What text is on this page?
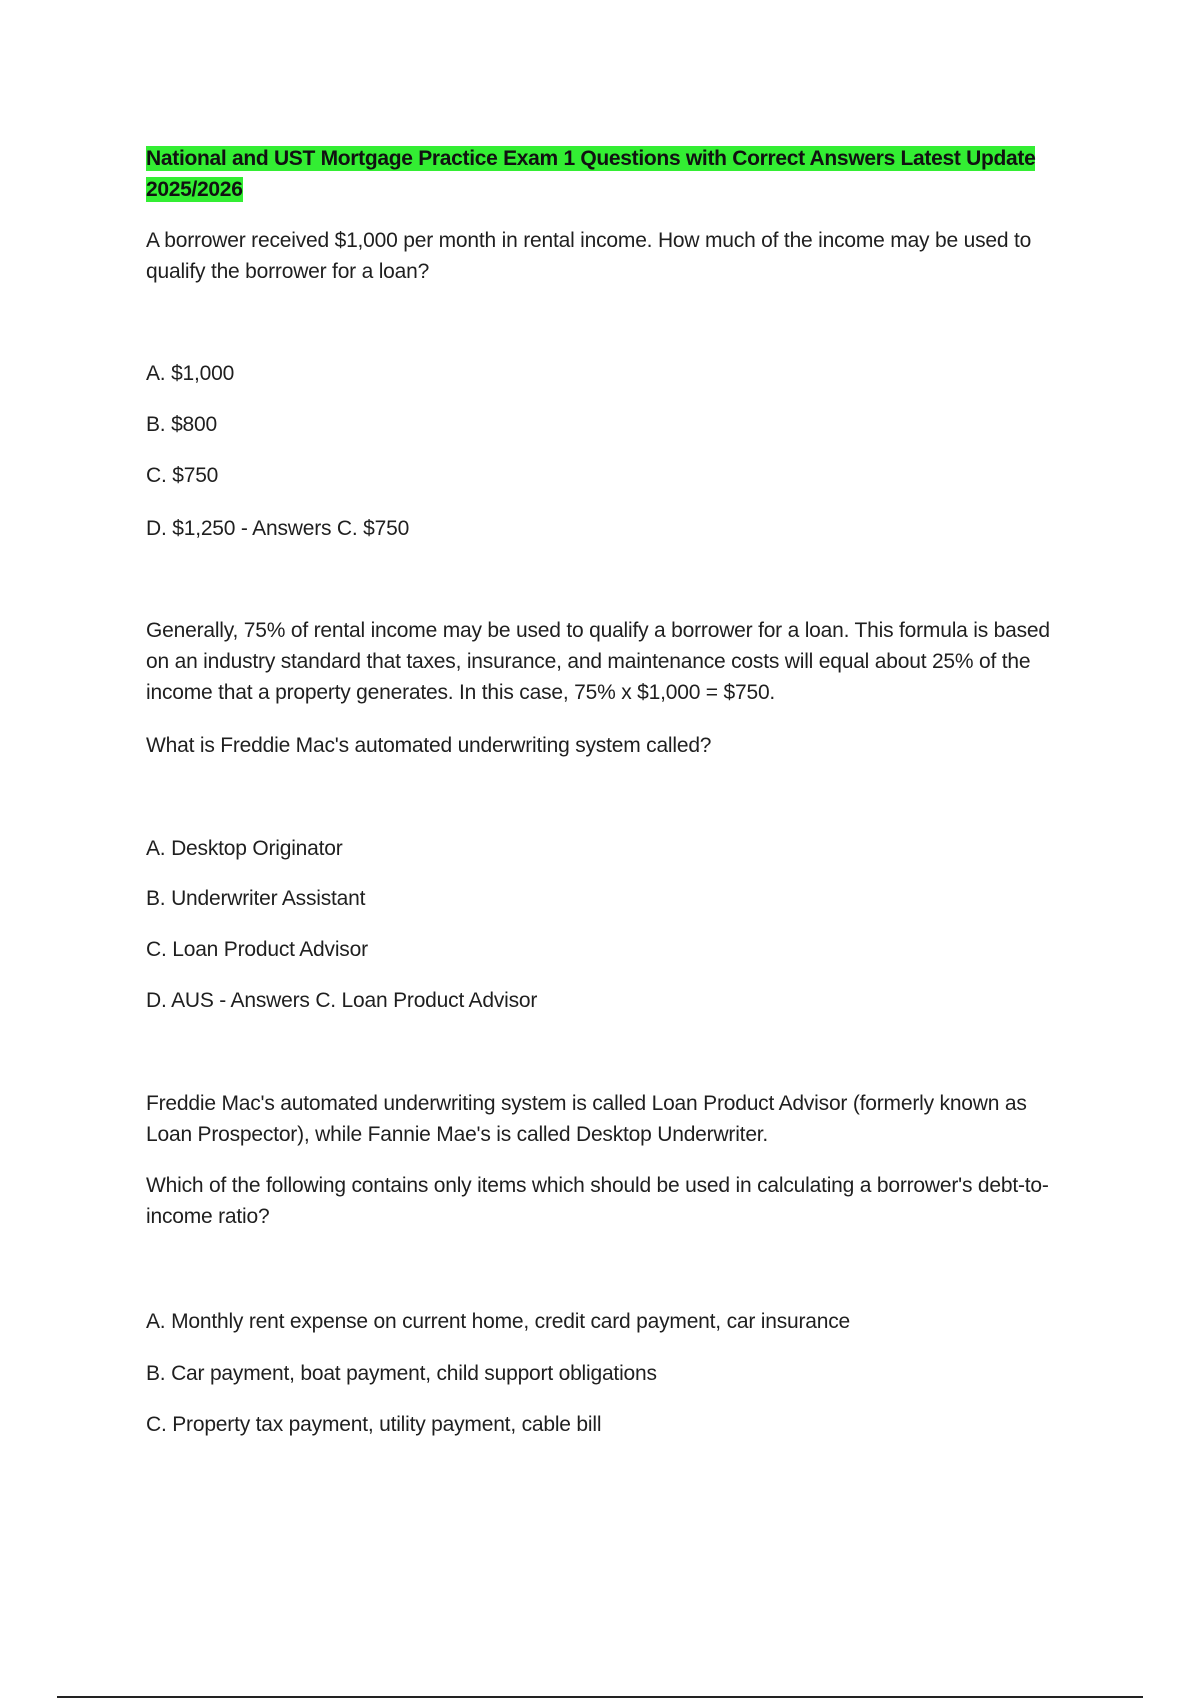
National and UST Mortgage Practice Exam 1 Questions with Correct Answers Latest Update 2025/2026

A borrower received $1,000 per month in rental income. How much of the income may be used to qualify the borrower for a loan?

A. $1,000

B. $800

C. $750

D. $1,250 - Answers C. $750

Generally, 75% of rental income may be used to qualify a borrower for a loan. This formula is based on an industry standard that taxes, insurance, and maintenance costs will equal about 25% of the income that a property generates. In this case, 75% x $1,000 = $750.

What is Freddie Mac's automated underwriting system called?

A. Desktop Originator

B. Underwriter Assistant

C. Loan Product Advisor

D. AUS - Answers C. Loan Product Advisor

Freddie Mac's automated underwriting system is called Loan Product Advisor (formerly known as Loan Prospector), while Fannie Mae's is called Desktop Underwriter.

Which of the following contains only items which should be used in calculating a borrower's debt-to-income ratio?

A. Monthly rent expense on current home, credit card payment, car insurance

B. Car payment, boat payment, child support obligations

C. Property tax payment, utility payment, cable bill
